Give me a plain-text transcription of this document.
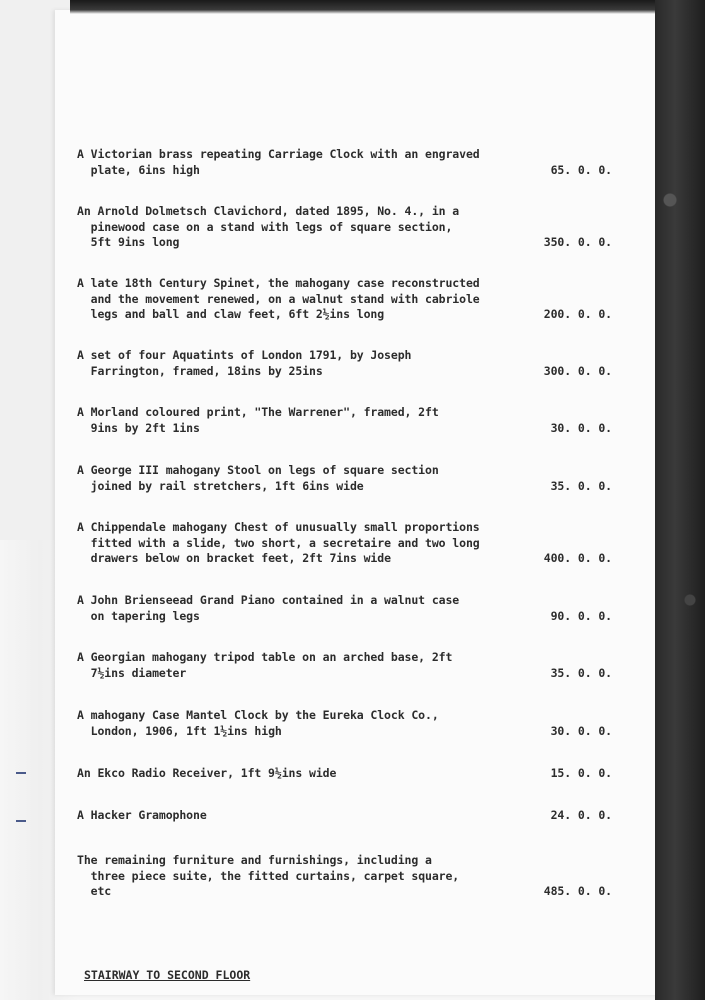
A Victorian brass repeating Carriage Clock with an engraved
plate, 6ins high	65. 0. 0.
An Arnold Dolmetsch Clavichord, dated 1895, No. 4., in a
pinewood case on a stand with legs of square section,
5ft 9ins long	350. 0. 0.
A late 18th Century Spinet, the mahogany case reconstructed
and the movement renewed, on a walnut stand with cabriole
legs and ball and claw feet, 6ft 2½ins long	200. 0. 0.
A set of four Aquatints of London 1791, by Joseph
Farrington, framed, 18ins by 25ins	300. 0. 0.
A Morland coloured print, "The Warrener", framed, 2ft
9ins by 2ft 1ins	30. 0. 0.
A George III mahogany Stool on legs of square section
joined by rail stretchers, 1ft 6ins wide	35. 0. 0.
A Chippendale mahogany Chest of unusually small proportions
fitted with a slide, two short, a secretaire and two long
drawers below on bracket feet, 2ft 7ins wide	400. 0. 0.
A John Brienseead Grand Piano contained in a walnut case
on tapering legs	90. 0. 0.
A Georgian mahogany tripod table on an arched base, 2ft
7½ins diameter	35. 0. 0.
A mahogany Case Mantel Clock by the Eureka Clock Co.,
London, 1906, 1ft 1½ins high	30. 0. 0.
An Ekco Radio Receiver, 1ft 9½ins wide	15. 0. 0.
A Hacker Gramophone	24. 0. 0.
The remaining furniture and furnishings, including a
three piece suite, the fitted curtains, carpet square,
etc	485. 0. 0.
STAIRWAY TO SECOND FLOOR
